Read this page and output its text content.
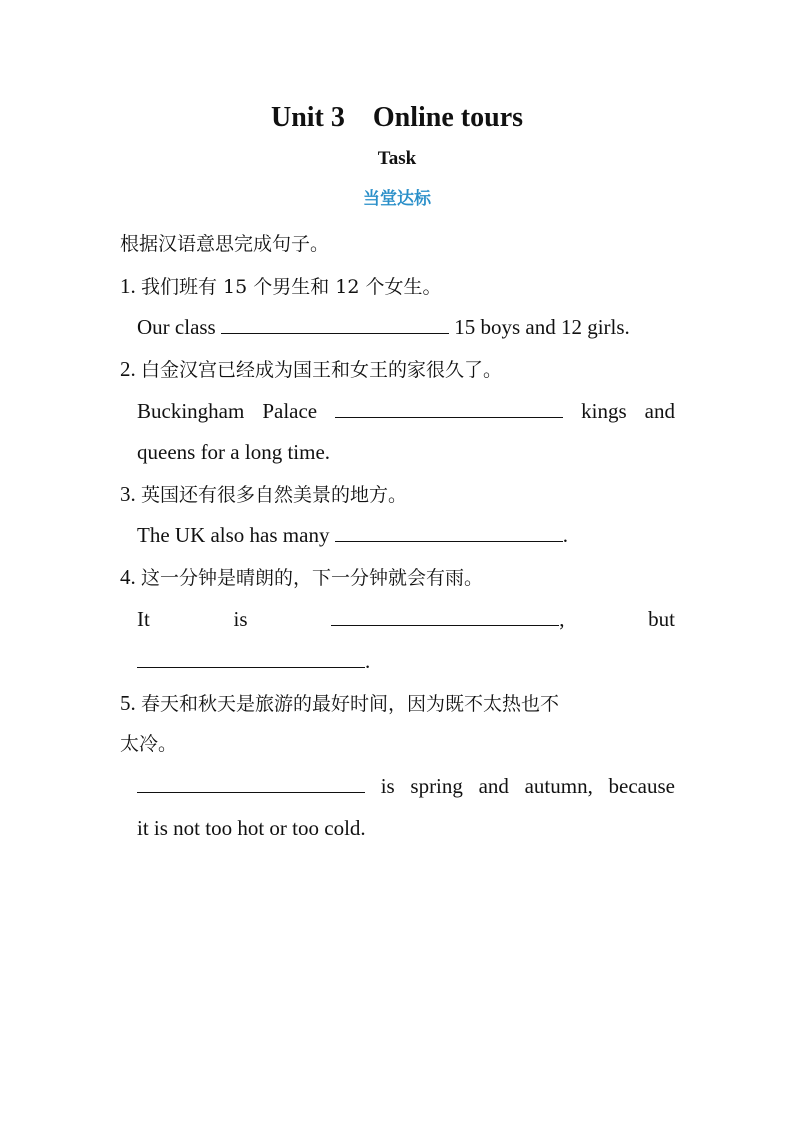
Unit 3    Online tours
Task
当堂达标
根据汉语意思完成句子。
1. 我们班有 15 个男生和 12 个女生。
Our class	15 boys and 12 girls.
2. 白金汉宫已经成为国王和女王的家很久了。
Buckingham Palace	kings and
queens for a long time.
3. 英国还有很多自然美景的地方。
The UK also has many	.
4. 这一分钟是晴朗的，下一分钟就会有雨。
It	is	,	but
.
5. 春天和秋天是旅游的最好时间，因为既不太热也不
太冷。
is spring and autumn, because
it is not too hot or too cold.
